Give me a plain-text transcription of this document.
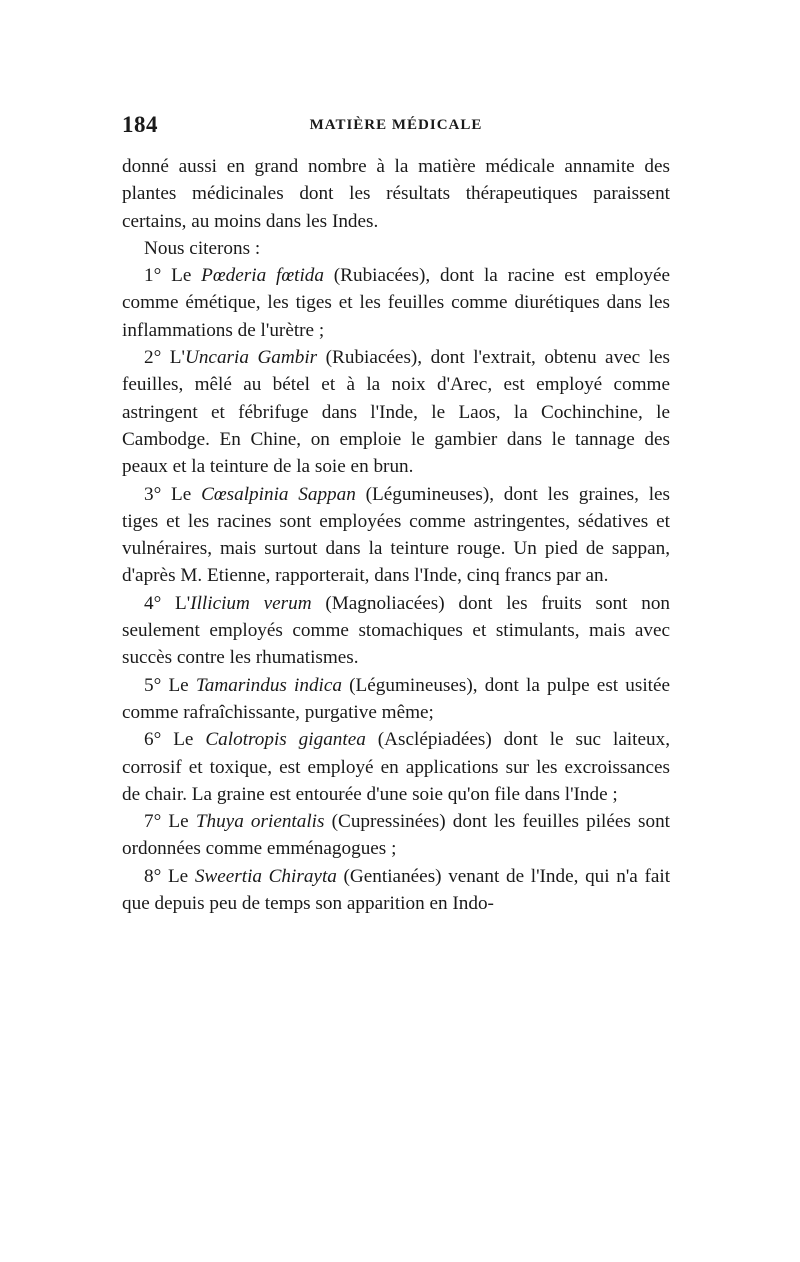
184	MATIÈRE MÉDICALE

donné aussi en grand nombre à la matière médicale annamite des plantes médicinales dont les résultats thérapeutiques paraissent certains, au moins dans les Indes.

Nous citerons :

1° Le Pœderia fœtida (Rubiacées), dont la racine est employée comme émétique, les tiges et les feuilles comme diurétiques dans les inflammations de l'urètre ;

2° L'Uncaria Gambir (Rubiacées), dont l'extrait, obtenu avec les feuilles, mêlé au bétel et à la noix d'Arec, est employé comme astringent et fébrifuge dans l'Inde, le Laos, la Cochinchine, le Cambodge. En Chine, on emploie le gambier dans le tannage des peaux et la teinture de la soie en brun.

3° Le Cœsalpinia Sappan (Légumineuses), dont les graines, les tiges et les racines sont employées comme astringentes, sédatives et vulnéraires, mais surtout dans la teinture rouge. Un pied de sappan, d'après M. Etienne, rapporterait, dans l'Inde, cinq francs par an.

4° L'Illicium verum (Magnoliacées) dont les fruits sont non seulement employés comme stomachiques et stimulants, mais avec succès contre les rhumatismes.

5° Le Tamarindus indica (Légumineuses), dont la pulpe est usitée comme rafraîchissante, purgative même;

6° Le Calotropis gigantea (Asclépiadées) dont le suc laiteux, corrosif et toxique, est employé en applications sur les excroissances de chair. La graine est entourée d'une soie qu'on file dans l'Inde ;

7° Le Thuya orientalis (Cupressinées) dont les feuilles pilées sont ordonnées comme emménagogues ;

8° Le Sweertia Chirayta (Gentianées) venant de l'Inde, qui n'a fait que depuis peu de temps son apparition en Indo-
